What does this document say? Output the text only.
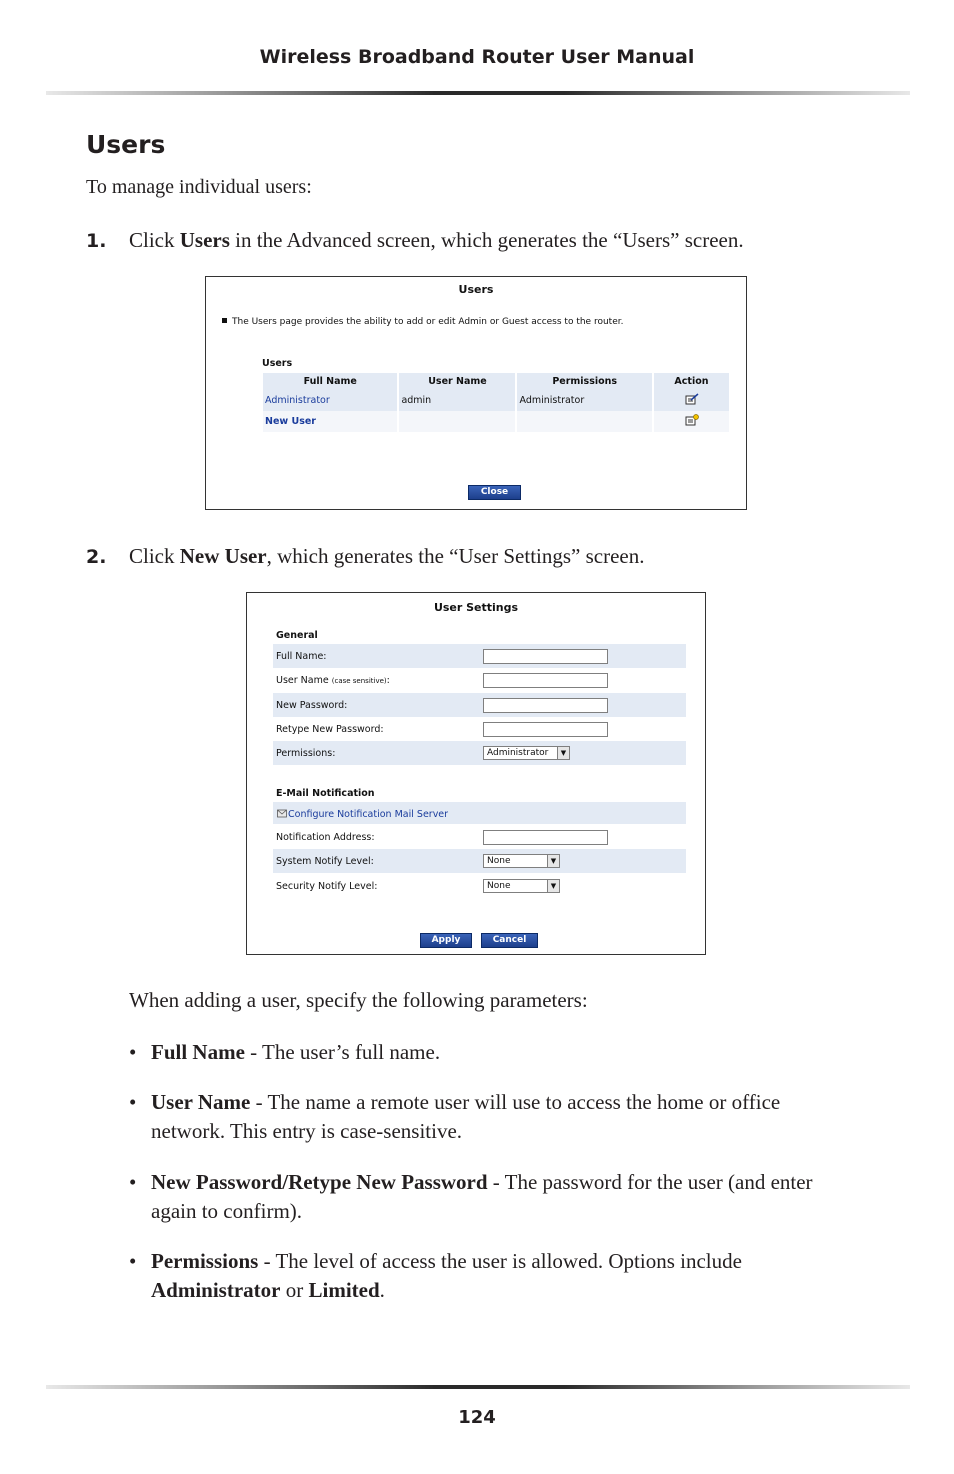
Wireless Broadband Router User Manual
Users
To manage individual users:
1. Click Users in the Advanced screen, which generates the “Users” screen.
Users
The Users page provides the ability to add or edit Admin or Guest access to the router.
Users
Full Name	User Name	Permissions	Action
Administrator	admin	Administrator	
New User			
Close
2. Click New User, which generates the “User Settings” screen.
User Settings
General
Full Name:
User Name (case sensitive):
New Password:
Retype New Password:
Permissions:	Administrator	▼
E-Mail Notification
Configure Notification Mail Server
Notification Address:
System Notify Level:	None	▼
Security Notify Level:	None	▼
Apply	Cancel
When adding a user, specify the following parameters:
• Full Name - The user’s full name.
• User Name - The name a remote user will use to access the home or office network. This entry is case-sensitive.
• New Password/Retype New Password - The password for the user (and enter again to confirm).
• Permissions - The level of access the user is allowed. Options include Administrator or Limited.
124
